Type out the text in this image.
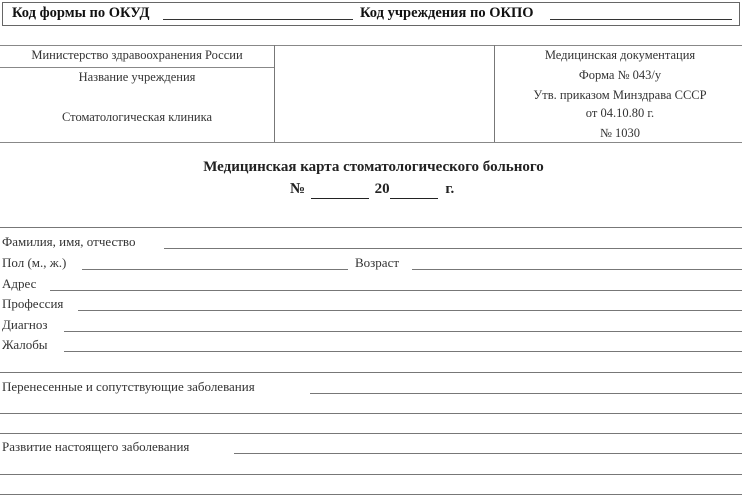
Код формы по ОКУД	Код учреждения по ОКПО
Министерство здравоохранения России
Название учреждения
Стоматологическая клиника
Медицинская документация
Форма № 043/у
Утв. приказом Минздрава СССР
от 04.10.80 г.
№ 1030
Медицинская карта стоматологического больного
№	20	г.
Фамилия, имя, отчество
Пол (м., ж.)	Возраст
Адрес
Профессия
Диагноз
Жалобы
Перенесенные и сопутствующие заболевания
Развитие настоящего заболевания
